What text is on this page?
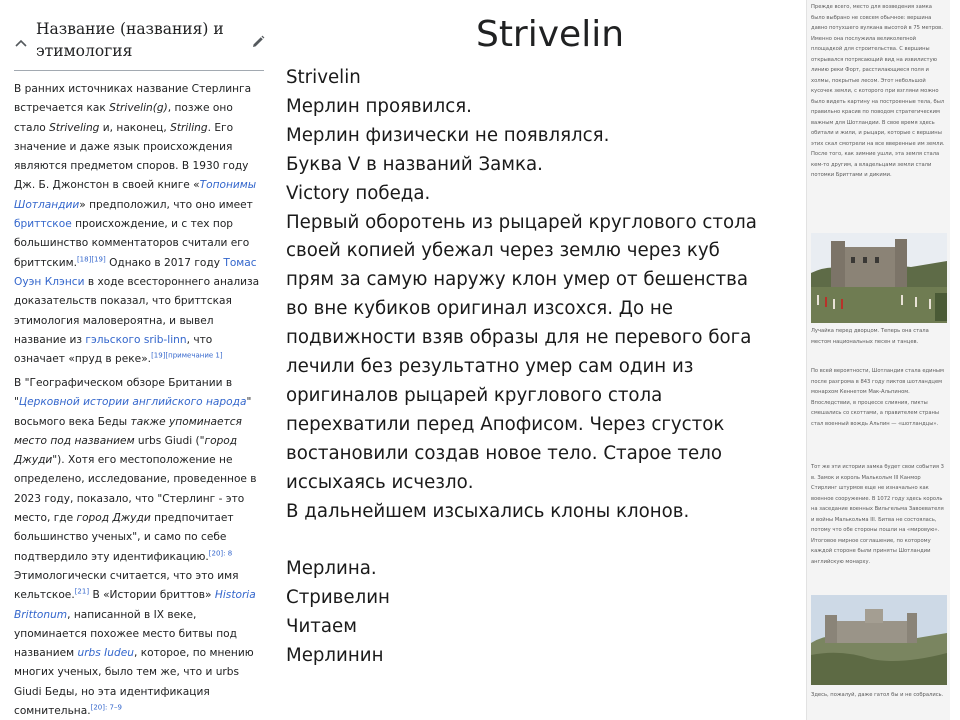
Название (названия) и этимология
В ранних источниках название Стерлинга встречается как Strivelin(g), позже оно стало Striveling и, наконец, Striling. Его значение и даже язык происхождения являются предметом споров. В 1930 году Дж. Б. Джонстон в своей книге «Топонимы Шотландии» предположил, что оно имеет бриттское происхождение, и с тех пор большинство комментаторов считали его бриттским.[18][19] Однако в 2017 году Томас Оуэн Клэнси в ходе всестороннего анализа доказательств показал, что бриттская этимология маловероятна, и вывел название из гэльского srib-linn, что означает «пруд в реке».[19][примечание 1]
В "Географическом обзоре Британии в "Церковной истории английского народа" восьмого века Беды также упоминается место под названием urbs Giudi ("город Джуди"). Хотя его местоположение не определено, исследование, проведенное в 2023 году, показало, что "Стерлинг - это место, где город Джуди предпочитает большинство ученых", и само по себе подтвердило эту идентификацию.$^{[20]: 8}$ Этимологически считается, что это имя кельтское.[21] В «Истории бриттов» Historia Brittonum, написанной в IX веке, упоминается похожее место битвы под названием urbs Iudeu, которое, по мнению многих ученых, было тем же, что и urbs Giudi Беды, но эта идентификация сомнительна.$^{[20]: 7-9}$
Strivelin
Strivelin
Мерлин проявился.
Мерлин физически не появлялся.
Буква V в названий Замка.
Victory победа.
Первый оборотень из рыцарей круглового стола
своей копией убежал через землю через куб
прям за самую наружу клон умер от бешенства
во вне кубиков оригинал изсохся. До не
подвижности взяв образы для не перевого бога
лечили без результатно умер сам один из
оригиналов рыцарей круглового стола
перехватили перед Апофисом. Через сгусток
востановили создав новое тело. Старое тело
иссыхаясь исчезло.
В дальнейшем изсыхались клоны клонов.
Мерлина.
Стривелин
Читаем
Мерлинин
Прежде всего, место для возведения замка было выбрано не совсем обычное: вершина давно потухшего вулкана высотой в 75 метров. Именно она послужила великолепной площадкой для строительства. С вершины открывался потрясающий вид на извилистую линию реки Форт, расстилающиеся поля и холмы, покрытые лесом. Этот небольшой кусочек земли, с которого при взгляни можно было видеть картину на пострoенные тела, был правильно красив по поводом стратегическим важным для Шотландии. В свое время здесь обитали и жили, и рыцари, которые с вершины этих скал смотрели на все вверенные им земли. После того, как зимние ушли, эта земля стала кем-то другим, а владельцами земли стали потомки Бриттами и дикими.
Лучайка перед дворцом. Теперь она стала местом национальных песен и танцев.
По всей вероятности, Шотландия стала единым после разгрома в 843 году пиктов шотландцем монархом Кеннетом Мак-Альпином. Впоследствии, в процессе слияния, пикты смешались со скоттами, а правителем страны стал военный вождь Альпин — «шотландцы».
Тот же эти истории замка будет свои события 3 в. Замок и король Малькольм III Канмор Стирлинг штурмов еще не изначально как военное сооружение. В 1072 году здесь король на заседание военных Вильгельма Завоевателя и войны Малькольма III. Битва не состоялась, потому что обе стороны пошли на «мировую». Итоговое мирное соглашение, по которому каждой стороне были приняты Шотландии английскую монарху.
Здесь, пожалуй, даже гатол бы и не собрались.
